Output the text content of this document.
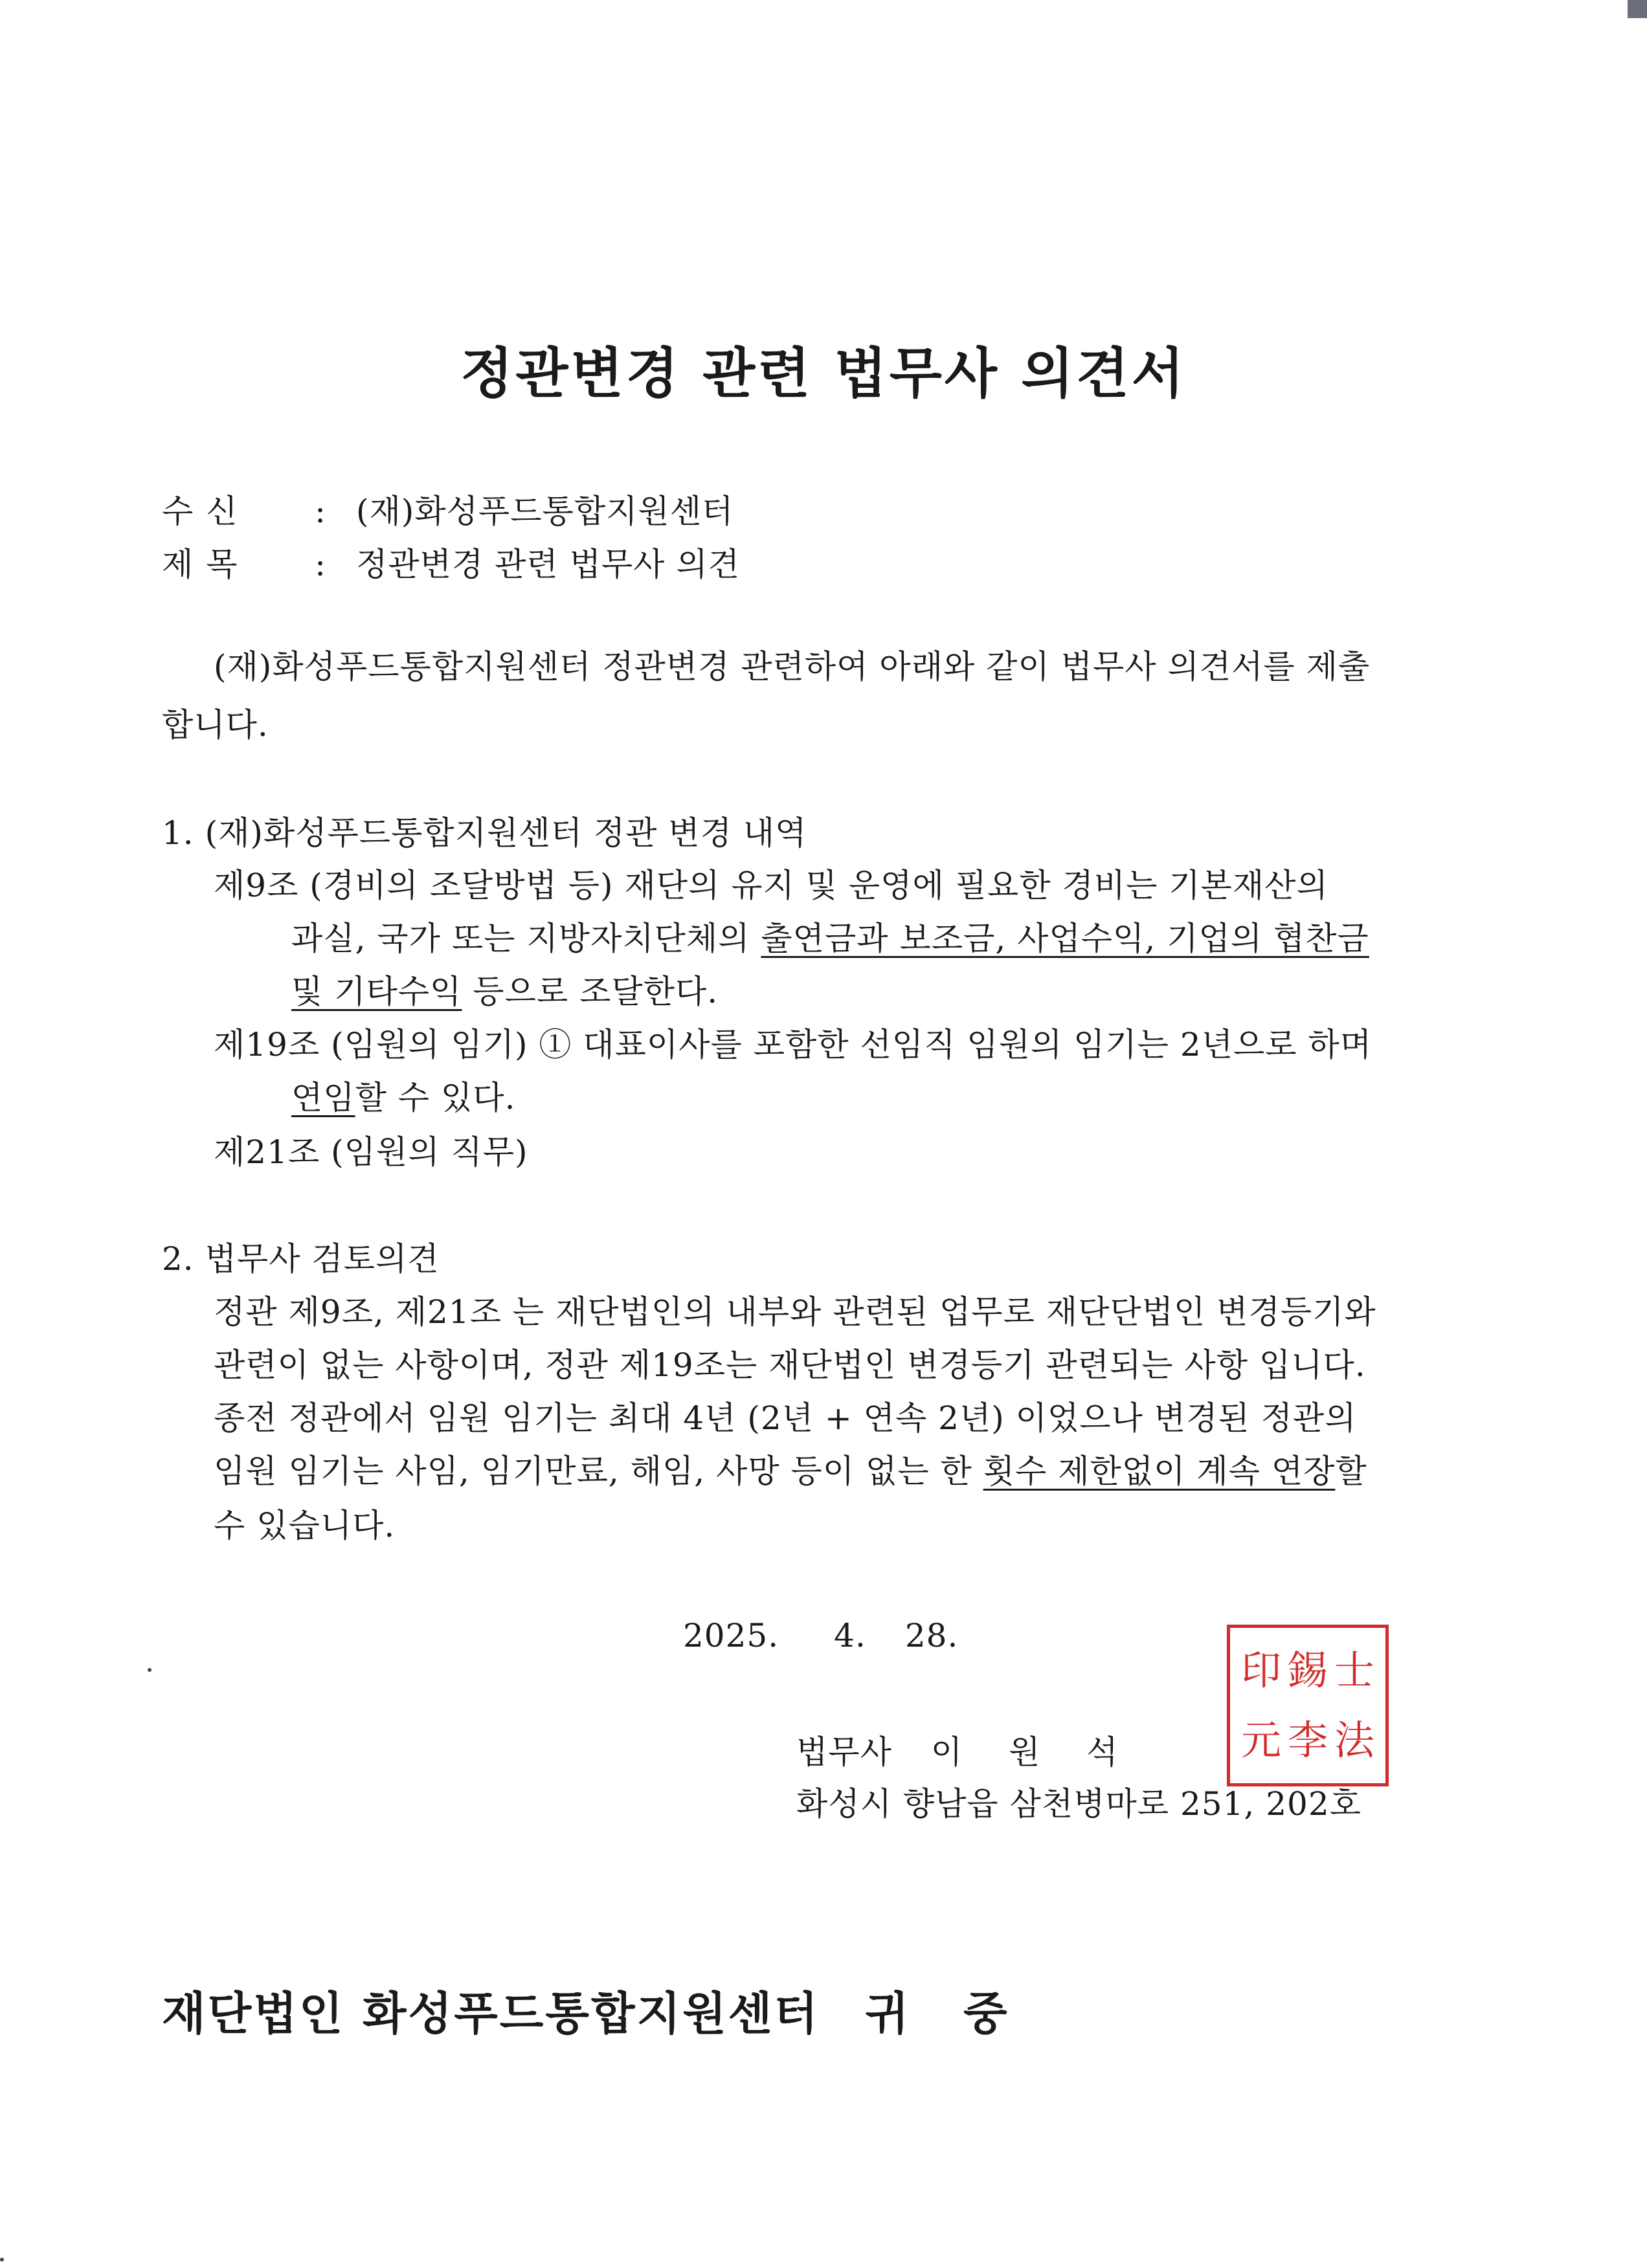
정관변경 관련 법무사 의견서
수신 : (재)화성푸드통합지원센터
제목 : 정관변경 관련 법무사 의견
(재)화성푸드통합지원센터 정관변경 관련하여 아래와 같이 법무사 의견서를 제출
합니다.
1. (재)화성푸드통합지원센터 정관 변경 내역
제9조 (경비의 조달방법 등) 재단의 유지 및 운영에 필요한 경비는 기본재산의
과실, 국가 또는 지방자치단체의 출연금과 보조금, 사업수익, 기업의 협찬금
및 기타수익 등으로 조달한다.
제19조 (임원의 임기) ① 대표이사를 포함한 선임직 임원의 임기는 2년으로 하며
연임할 수 있다.
제21조 (임원의 직무)
2. 법무사 검토의견
정관 제9조, 제21조 는 재단법인의 내부와 관련된 업무로 재단단법인 변경등기와
관련이 없는 사항이며, 정관 제19조는 재단법인 변경등기 관련되는 사항 입니다.
종전 정관에서 임원 임기는 최대 4년 (2년 + 연속 2년) 이었으나 변경된 정관의
임원 임기는 사임, 임기만료, 해임, 사망 등이 없는 한 횟수 제한없이 계속 연장할
수 있습니다.
2025. 4. 28.
법무사 이 원 석
화성시 향남읍 삼천병마로 251, 202호
印 錫 士
元 李 法
재단법인 화성푸드통합지원센터 귀 중
